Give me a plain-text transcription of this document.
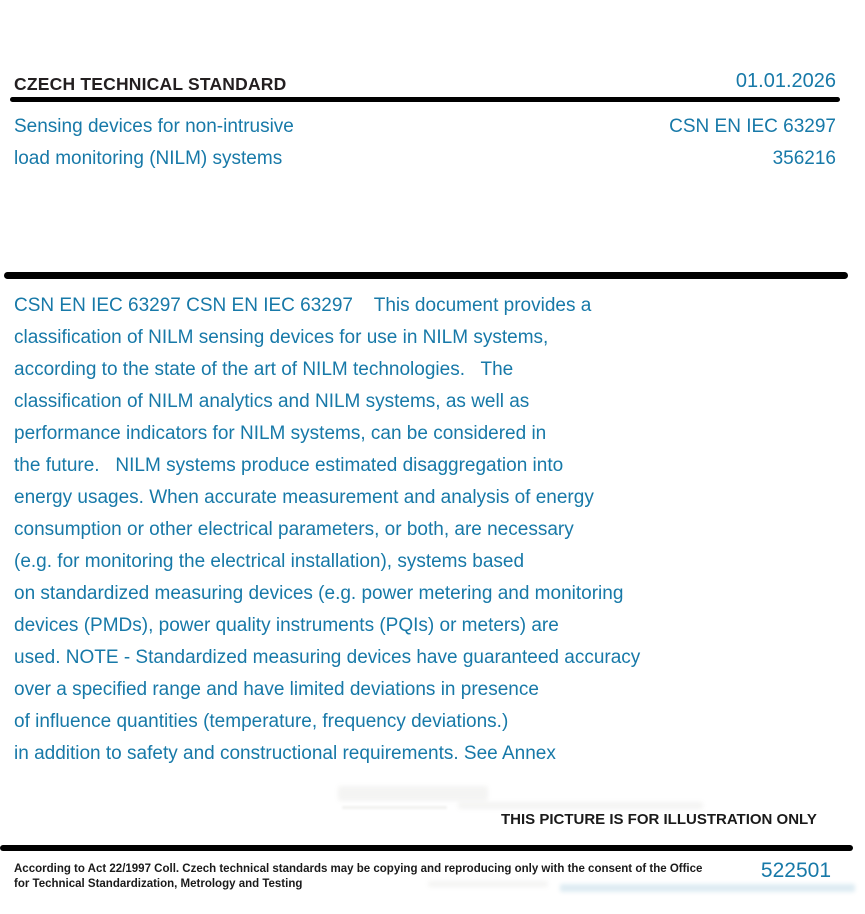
CZECH TECHNICAL STANDARD	01.01.2026
Sensing devices for non-intrusive
load monitoring (NILM) systems
CSN EN IEC 63297
356216
CSN EN IEC 63297 CSN EN IEC 63297    This document provides a
classification of NILM sensing devices for use in NILM systems,
according to the state of the art of NILM technologies.   The
classification of NILM analytics and NILM systems, as well as
performance indicators for NILM systems, can be considered in
the future.   NILM systems produce estimated disaggregation into
energy usages. When accurate measurement and analysis of energy
consumption or other electrical parameters, or both, are necessary
(e.g. for monitoring the electrical installation), systems based
on standardized measuring devices (e.g. power metering and monitoring
devices (PMDs), power quality instruments (PQIs) or meters) are
used. NOTE - Standardized measuring devices have guaranteed accuracy
over a specified range and have limited deviations in presence
of influence quantities (temperature, frequency deviations.)
in addition to safety and constructional requirements. See Annex
THIS PICTURE IS FOR ILLUSTRATION ONLY
According to Act 22/1997 Coll. Czech technical standards may be copying and reproducing only with the consent of the Office
for Technical Standardization, Metrology and Testing
522501
